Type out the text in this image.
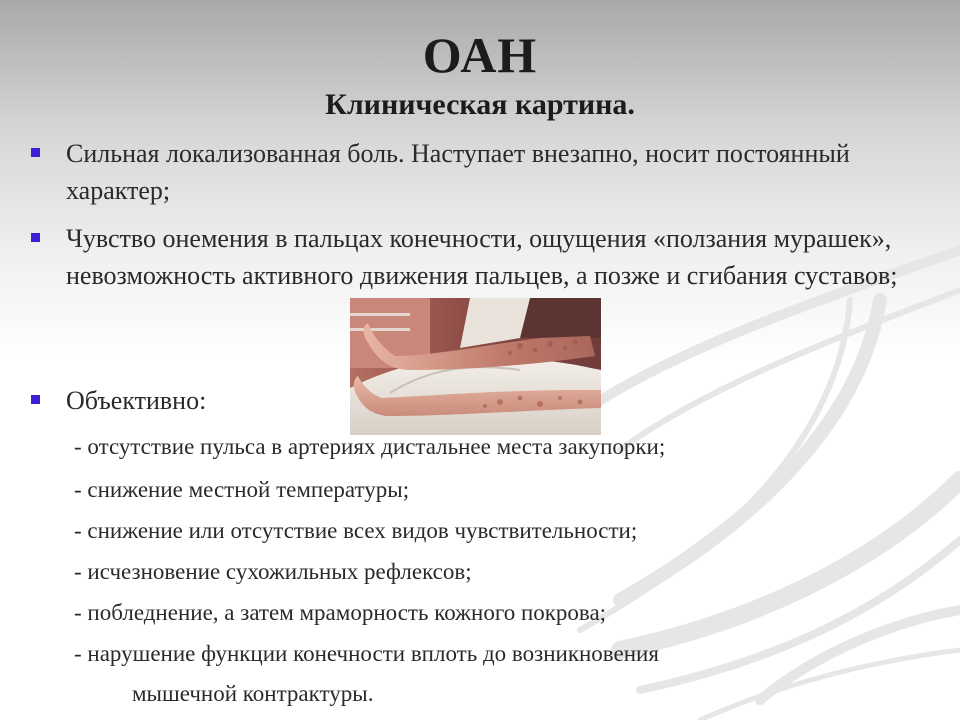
ОАН
Клиническая картина.
Сильная локализованная боль. Наступает внезапно, носит постоянный характер;
Чувство онемения в пальцах конечности, ощущения «ползания мурашек», невозможность активного движения пальцев, а позже и сгибания суставов;
Объективно:
- отсутствие пульса в артериях дистальнее места закупорки;
- снижение местной температуры;
- снижение или отсутствие всех видов чувствительности;
- исчезновение сухожильных рефлексов;
- побледнение, а затем мраморность кожного покрова;
- нарушение функции конечности вплоть до возникновения
мышечной контрактуры.
